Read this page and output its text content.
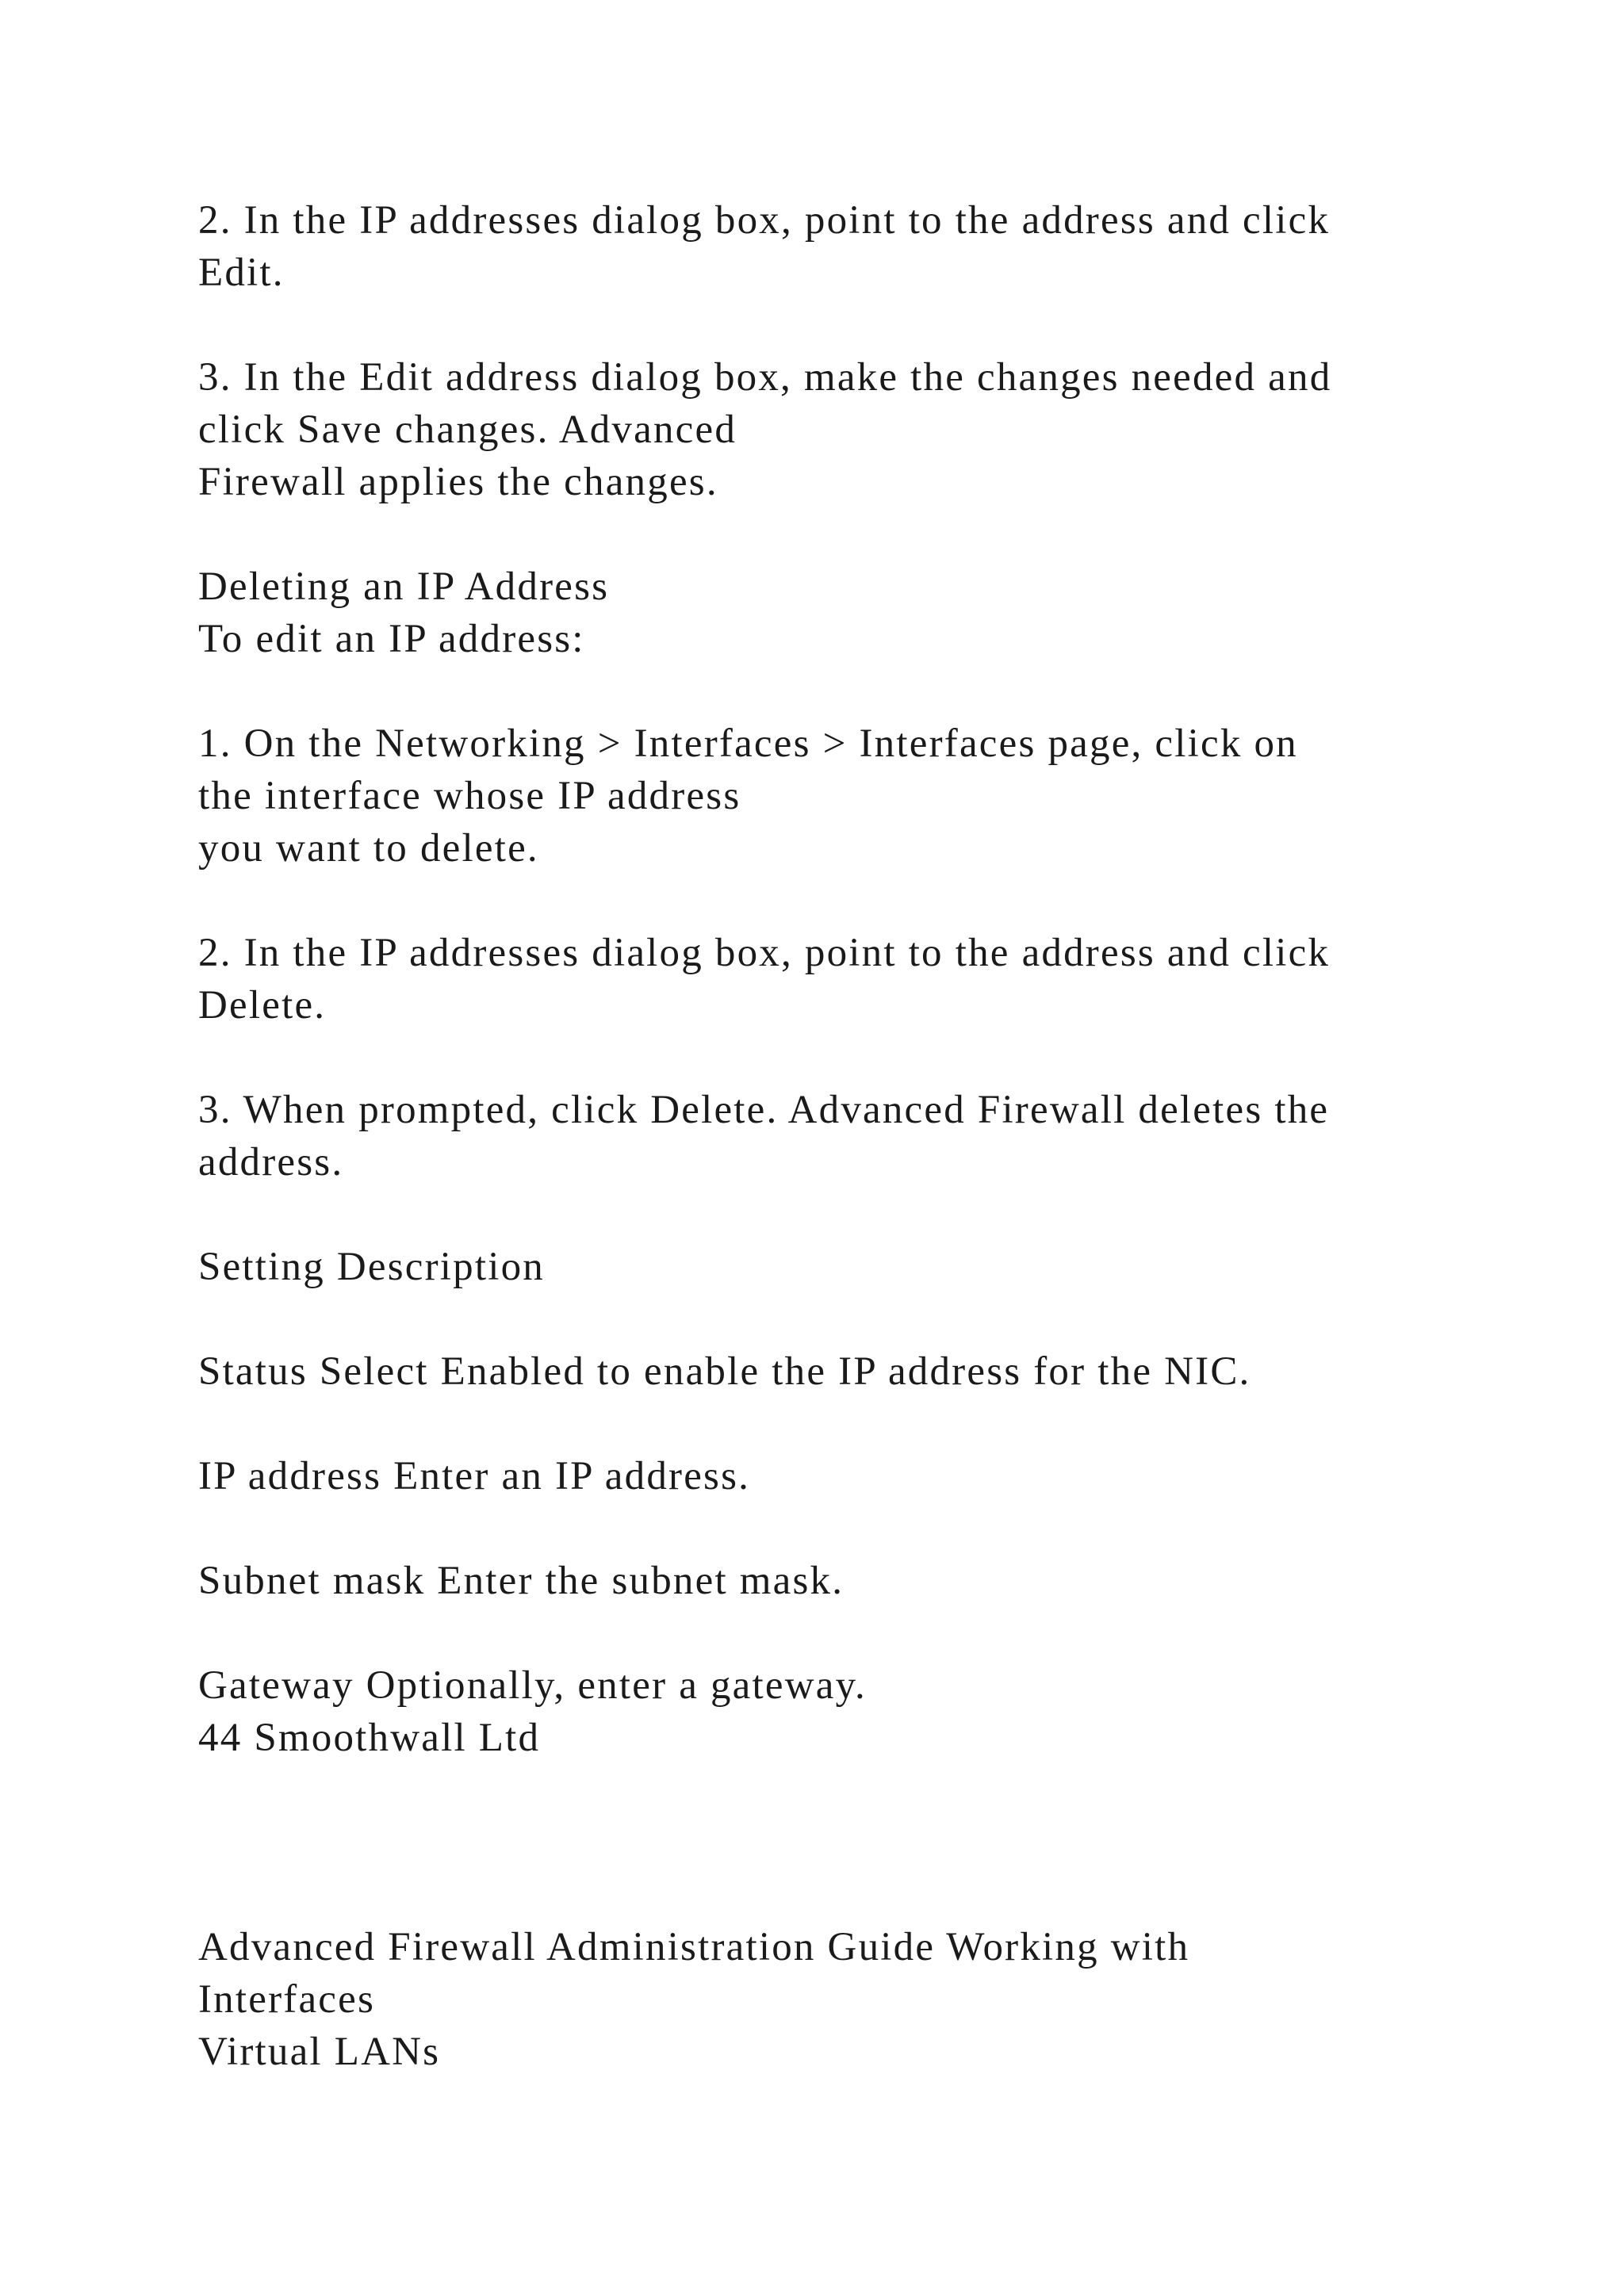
2. In the IP addresses dialog box, point to the address and click

Edit.

3. In the Edit address dialog box, make the changes needed and

click Save changes. Advanced

Firewall applies the changes.

Deleting an IP Address

To edit an IP address:

1. On the Networking > Interfaces > Interfaces page, click on

the interface whose IP address

you want to delete.

2. In the IP addresses dialog box, point to the address and click

Delete.

3. When prompted, click Delete. Advanced Firewall deletes the

address.

Setting Description

Status Select Enabled to enable the IP address for the NIC.

IP address Enter an IP address.

Subnet mask Enter the subnet mask.

Gateway Optionally, enter a gateway.

44 Smoothwall Ltd

Advanced Firewall Administration Guide Working with

Interfaces

Virtual LANs
